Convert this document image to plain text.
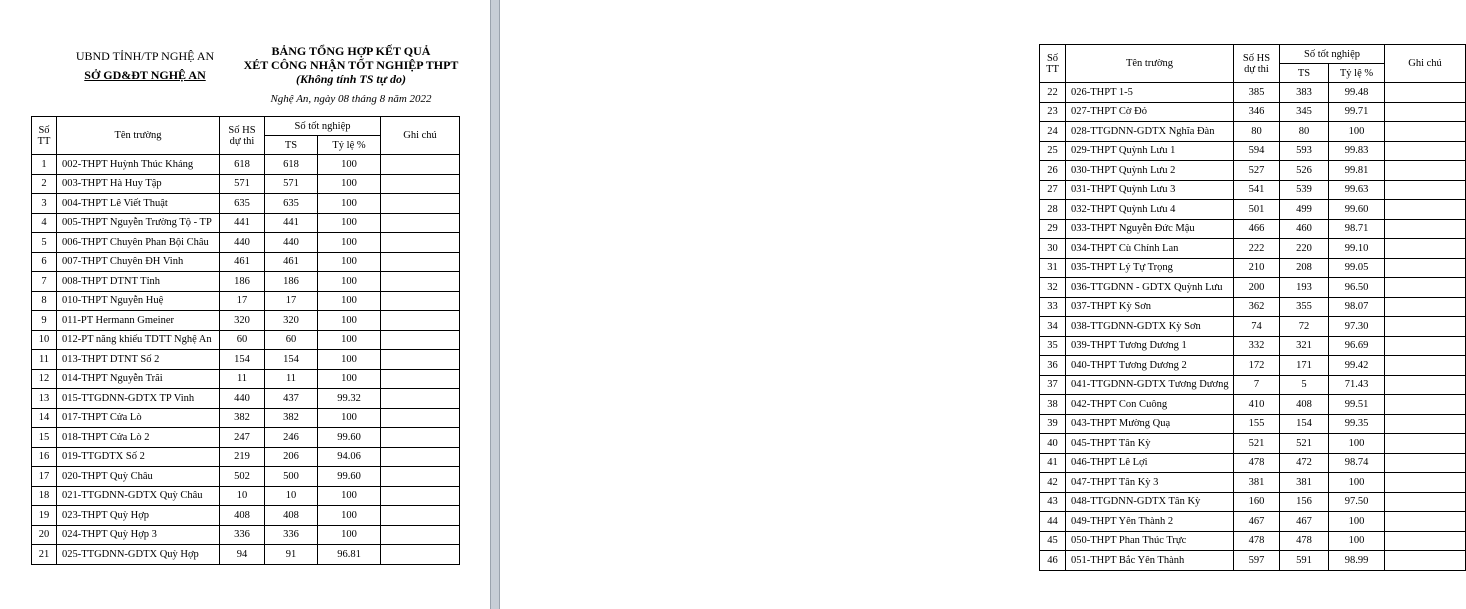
UBND TỈNH/TP NGHỆ AN
SỞ GD&ĐT NGHỆ AN
BẢNG TỔNG HỢP KẾT QUẢ
XÉT CÔNG NHẬN TỐT NGHIỆP THPT
(Không tính TS tự do)
Nghệ An, ngày 08 tháng 8 năm 2022
Số
TT	Tên trường	Số HS
dự thi	Số tốt nghiệp		Ghi chú
			TS	Tỷ lệ %	
1	002-THPT Huỳnh Thúc Kháng	618	618	100	
2	003-THPT Hà Huy Tập	571	571	100	
3	004-THPT Lê Viết Thuật	635	635	100	
4	005-THPT Nguyễn Trường Tộ - TP	441	441	100	
5	006-THPT Chuyên Phan Bội Châu	440	440	100	
6	007-THPT Chuyên ĐH Vinh	461	461	100	
7	008-THPT DTNT Tỉnh	186	186	100	
8	010-THPT Nguyễn Huệ	17	17	100	
9	011-PT Hermann Gmeiner	320	320	100	
10	012-PT năng khiếu TDTT Nghệ An	60	60	100	
11	013-THPT DTNT Số 2	154	154	100	
12	014-THPT Nguyễn Trãi	11	11	100	
13	015-TTGDNN-GDTX TP Vinh	440	437	99.32	
14	017-THPT Cửa Lò	382	382	100	
15	018-THPT Cửa Lò 2	247	246	99.60	
16	019-TTGDTX Số 2	219	206	94.06	
17	020-THPT Quỳ Châu	502	500	99.60	
18	021-TTGDNN-GDTX Quỳ Châu	10	10	100	
19	023-THPT Quỳ Hợp	408	408	100	
20	024-THPT Quỳ Hợp 3	336	336	100	
21	025-TTGDNN-GDTX Quỳ Hợp	94	91	96.81	
Số
TT	Tên trường	Số HS
dự thi	Số tốt nghiệp		Ghi chú
			TS	Tỷ lệ %	
22	026-THPT 1-5	385	383	99.48	
23	027-THPT Cờ Đỏ	346	345	99.71	
24	028-TTGDNN-GDTX Nghĩa Đàn	80	80	100	
25	029-THPT Quỳnh Lưu 1	594	593	99.83	
26	030-THPT Quỳnh Lưu 2	527	526	99.81	
27	031-THPT Quỳnh Lưu 3	541	539	99.63	
28	032-THPT Quỳnh Lưu 4	501	499	99.60	
29	033-THPT Nguyễn Đức Mậu	466	460	98.71	
30	034-THPT Cù Chính Lan	222	220	99.10	
31	035-THPT Lý Tự Trọng	210	208	99.05	
32	036-TTGDNN - GDTX Quỳnh Lưu	200	193	96.50	
33	037-THPT Kỳ Sơn	362	355	98.07	
34	038-TTGDNN-GDTX Kỳ Sơn	74	72	97.30	
35	039-THPT Tương Dương 1	332	321	96.69	
36	040-THPT Tương Dương 2	172	171	99.42	
37	041-TTGDNN-GDTX Tương Dương	7	5	71.43	
38	042-THPT Con Cuông	410	408	99.51	
39	043-THPT Mường Quạ	155	154	99.35	
40	045-THPT Tân Kỳ	521	521	100	
41	046-THPT Lê Lợi	478	472	98.74	
42	047-THPT Tân Kỳ 3	381	381	100	
43	048-TTGDNN-GDTX Tân Kỳ	160	156	97.50	
44	049-THPT Yên Thành 2	467	467	100	
45	050-THPT Phan Thúc Trực	478	478	100	
46	051-THPT Bắc Yên Thành	597	591	98.99	
